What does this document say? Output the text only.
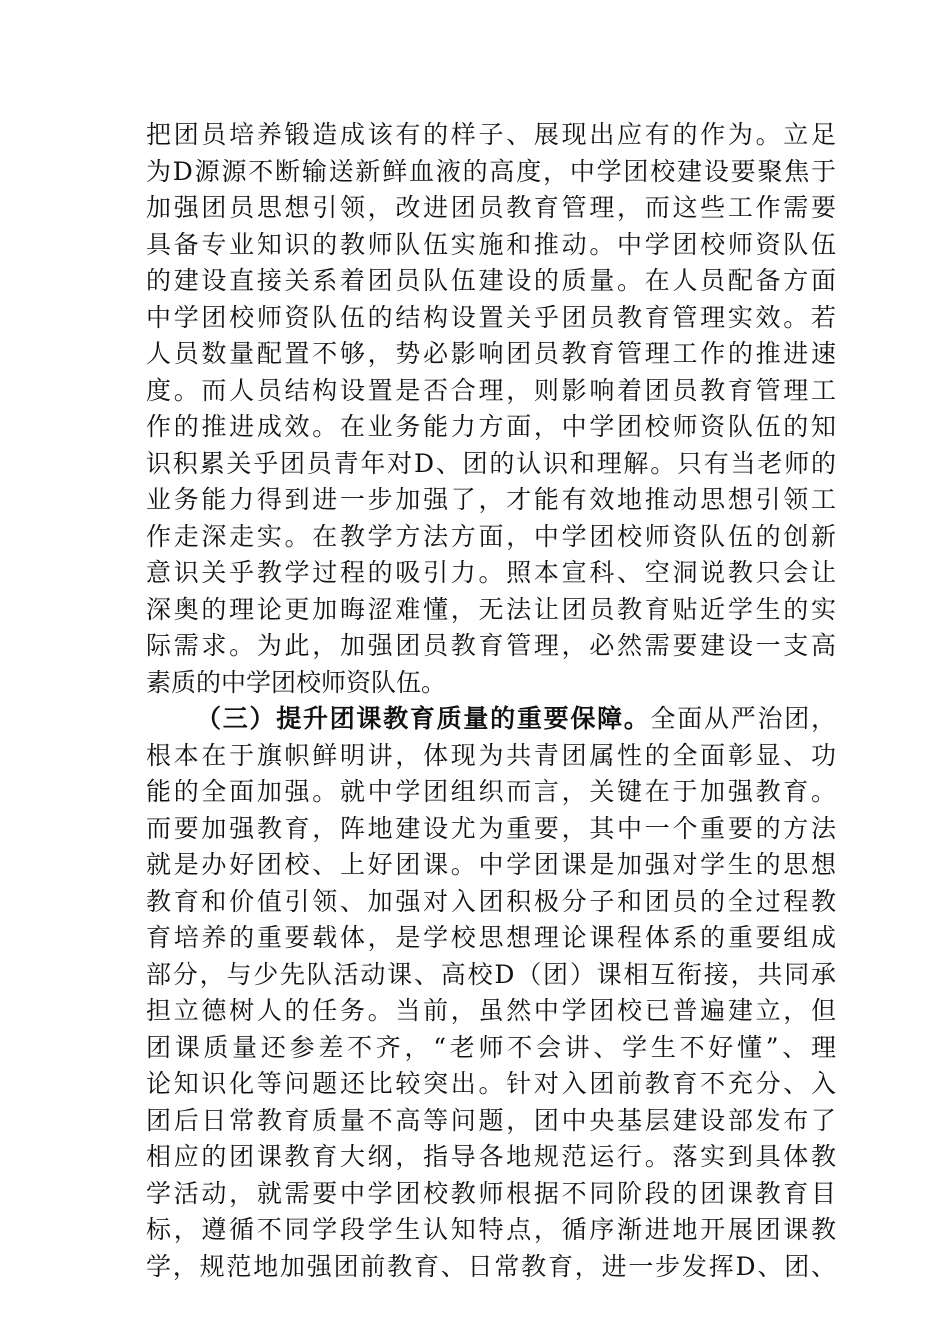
把团员培养锻造成该有的样子、展现出应有的作为。立足
为D源源不断输送新鲜血液的高度，中学团校建设要聚焦于
加强团员思想引领，改进团员教育管理，而这些工作需要
具备专业知识的教师队伍实施和推动。中学团校师资队伍
的建设直接关系着团员队伍建设的质量。在人员配备方面
中学团校师资队伍的结构设置关乎团员教育管理实效。若
人员数量配置不够，势必影响团员教育管理工作的推进速
度。而人员结构设置是否合理，则影响着团员教育管理工
作的推进成效。在业务能力方面，中学团校师资队伍的知
识积累关乎团员青年对D、团的认识和理解。只有当老师的
业务能力得到进一步加强了，才能有效地推动思想引领工
作走深走实。在教学方法方面，中学团校师资队伍的创新
意识关乎教学过程的吸引力。照本宣科、空洞说教只会让
深奥的理论更加晦涩难懂，无法让团员教育贴近学生的实
际需求。为此，加强团员教育管理，必然需要建设一支高
素质的中学团校师资队伍。
（三）提升团课教育质量的重要保障。全面从严治团，
根本在于旗帜鲜明讲，体现为共青团属性的全面彰显、功
能的全面加强。就中学团组织而言，关键在于加强教育。
而要加强教育，阵地建设尤为重要，其中一个重要的方法
就是办好团校、上好团课。中学团课是加强对学生的思想
教育和价值引领、加强对入团积极分子和团员的全过程教
育培养的重要载体，是学校思想理论课程体系的重要组成
部分，与少先队活动课、高校D（团）课相互衔接，共同承
担立德树人的任务。当前，虽然中学团校已普遍建立，但
团课质量还参差不齐，“老师不会讲、学生不好懂”、理
论知识化等问题还比较突出。针对入团前教育不充分、入
团后日常教育质量不高等问题，团中央基层建设部发布了
相应的团课教育大纲，指导各地规范运行。落实到具体教
学活动，就需要中学团校教师根据不同阶段的团课教育目
标，遵循不同学段学生认知特点，循序渐进地开展团课教
学，规范地加强团前教育、日常教育，进一步发挥D、团、
